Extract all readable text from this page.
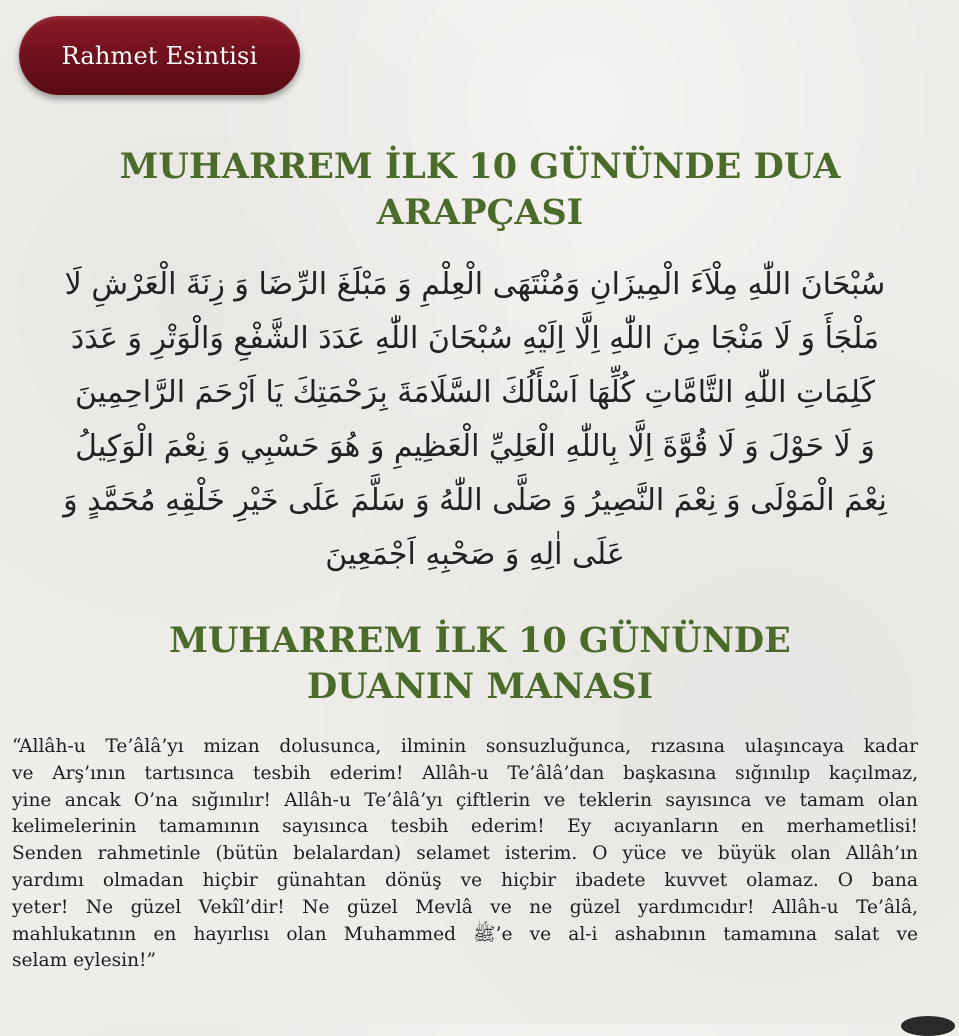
Rahmet Esintisi
MUHARREM İLK 10 GÜNÜNDE DUA
ARAPÇASI
سُبْحَانَ اللّٰهِ مِلْاَءَ الْمِيزَانِ وَمُنْتَهَى الْعِلْمِ وَ مَبْلَغَ الرِّضَا وَ زِنَةَ الْعَرْشِ لَا
مَلْجَأَ وَ لَا مَنْجَا مِنَ اللّٰهِ اِلَّا اِلَيْهِ سُبْحَانَ اللّٰهِ عَدَدَ الشَّفْعِ وَالْوَتْرِ وَ عَدَدَ
كَلِمَاتِ اللّٰهِ التَّامَّاتِ كُلِّهَا اَسْأَلُكَ السَّلَامَةَ بِرَحْمَتِكَ يَا اَرْحَمَ الرَّاحِمِينَ
وَ لَا حَوْلَ وَ لَا قُوَّةَ اِلَّا بِاللّٰهِ الْعَلِيِّ الْعَظِيمِ وَ هُوَ حَسْبِي وَ نِعْمَ الْوَكِيلُ
نِعْمَ الْمَوْلَى وَ نِعْمَ النَّصِيرُ وَ صَلَّى اللّٰهُ وَ سَلَّمَ عَلَى خَيْرِ خَلْقِهِ مُحَمَّدٍ وَ
عَلَى اٰلِهِ وَ صَحْبِهِ اَجْمَعِينَ
MUHARREM İLK 10 GÜNÜNDE
DUANIN MANASI
“Allâh-u Te’âlâ’yı mizan dolusunca, ilminin sonsuzluğunca, rızasına ulaşıncaya kadar
ve Arş’ının tartısınca tesbih ederim! Allâh-u Te’âlâ’dan başkasına sığınılıp kaçılmaz,
yine ancak O’na sığınılır! Allâh-u Te’âlâ’yı çiftlerin ve teklerin sayısınca ve tamam olan
kelimelerinin tamamının sayısınca tesbih ederim! Ey acıyanların en merhametlisi!
Senden rahmetinle (bütün belalardan) selamet isterim. O yüce ve büyük olan Allâh’ın
yardımı olmadan hiçbir günahtan dönüş ve hiçbir ibadete kuvvet olamaz. O bana
yeter! Ne güzel Vekîl’dir! Ne güzel Mevlâ ve ne güzel yardımcıdır! Allâh-u Te’âlâ,
mahlukatının en hayırlısı olan Muhammed ﷺ’e ve al-i ashabının tamamına salat ve
selam eylesin!”
